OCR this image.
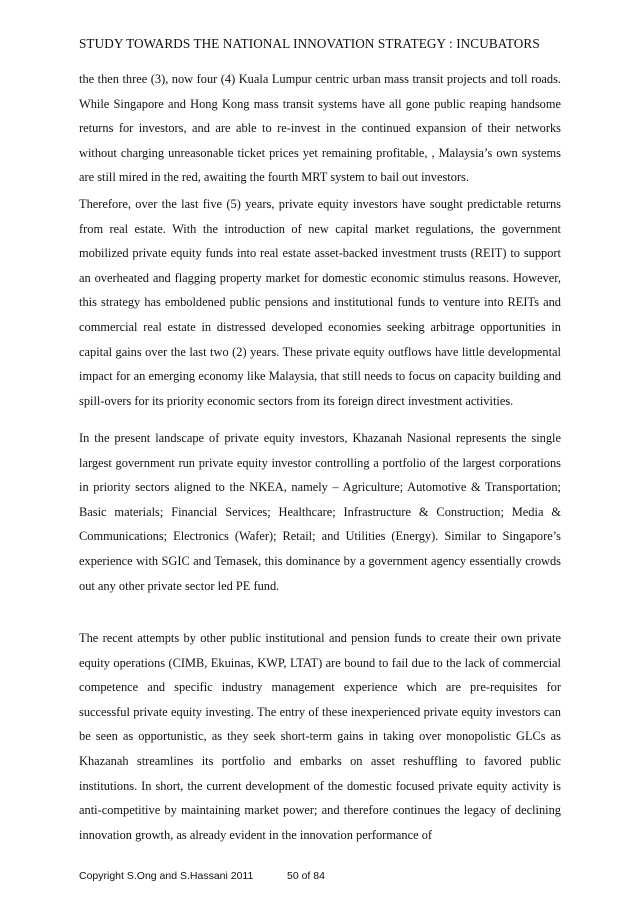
STUDY TOWARDS THE NATIONAL INNOVATION STRATEGY : INCUBATORS

the then three (3), now four (4) Kuala Lumpur centric urban mass transit projects and toll roads. While Singapore and Hong Kong mass transit systems have all gone public reaping handsome returns for investors, and are able to re-invest in the continued expansion of their networks without charging unreasonable ticket prices yet remaining profitable, , Malaysia’s own systems are still mired in the red, awaiting the fourth MRT system to bail out investors.

Therefore, over the last five (5) years, private equity investors have sought predictable returns from real estate. With the introduction of new capital market regulations, the government mobilized private equity funds into real estate asset-backed investment trusts (REIT) to support an overheated and flagging property market for domestic economic stimulus reasons. However, this strategy has emboldened public pensions and institutional funds to venture into REITs and commercial real estate in distressed developed economies seeking arbitrage opportunities in capital gains over the last two (2) years. These private equity outflows have little developmental impact for an emerging economy like Malaysia, that still needs to focus on capacity building and spill-overs for its priority economic sectors from its foreign direct investment activities.

In the present landscape of private equity investors, Khazanah Nasional represents the single largest government run private equity investor controlling a portfolio of the largest corporations in priority sectors aligned to the NKEA, namely – Agriculture; Automotive & Transportation; Basic materials; Financial Services; Healthcare; Infrastructure & Construction; Media & Communications; Electronics (Wafer); Retail; and Utilities (Energy). Similar to Singapore’s experience with SGIC and Temasek, this dominance by a government agency essentially crowds out any other private sector led PE fund.

The recent attempts by other public institutional and pension funds to create their own private equity operations (CIMB, Ekuinas, KWP, LTAT) are bound to fail due to the lack of commercial competence and specific industry management experience which are pre-requisites for successful private equity investing. The entry of these inexperienced private equity investors can be seen as opportunistic, as they seek short-term gains in taking over monopolistic GLCs as Khazanah streamlines its portfolio and embarks on asset reshuffling to favored public institutions. In short, the current development of the domestic focused private equity activity is anti-competitive by maintaining market power; and therefore continues the legacy of declining innovation growth, as already evident in the innovation performance of

Copyright S.Ong and S.Hassani 2011	50 of 84
